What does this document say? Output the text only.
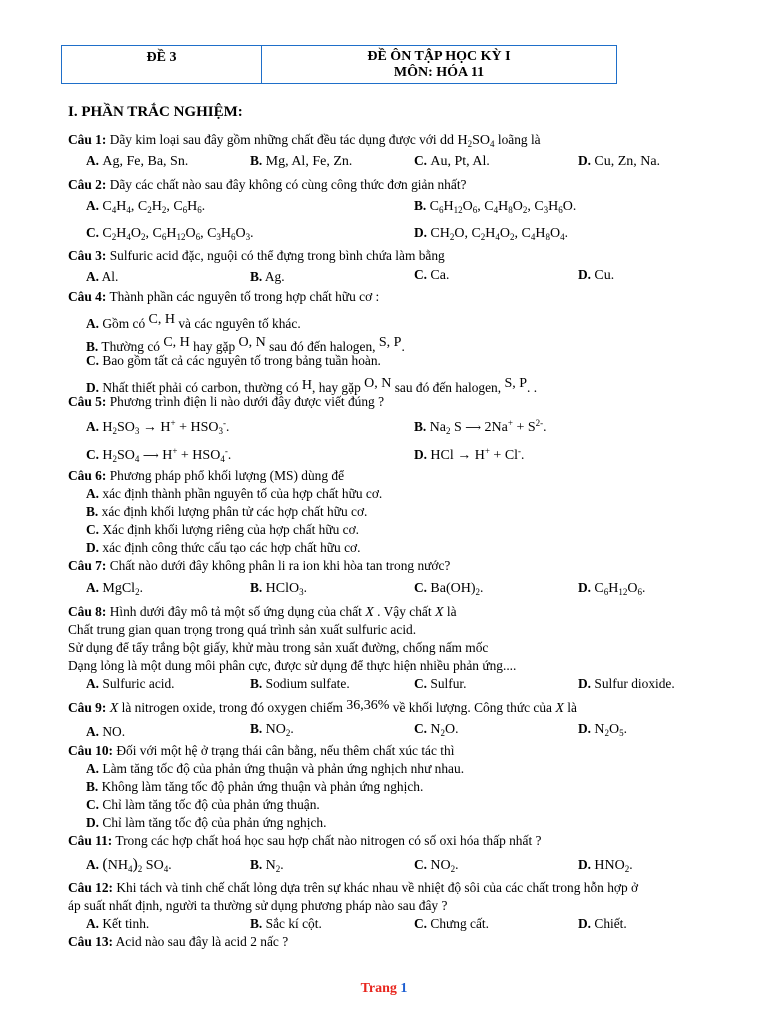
ĐỀ 3	ĐỀ ÔN TẬP HỌC KỲ I
MÔN: HÓA 11
I. PHẦN TRẮC NGHIỆM:
Câu 1: Dãy kim loại sau đây gồm những chất đều tác dụng được với dd $H_2SO_4$ loãng là
A. Ag, Fe, Ba, Sn.	B. Mg, Al, Fe, Zn.	C. Au, Pt, Al.	D. Cu, Zn, Na.
Câu 2: Dãy các chất nào sau đây không có cùng công thức đơn giản nhất?
A. $C_4H_4$, $C_2H_2$, $C_6H_6$.	B. $C_6H_{12}O_6$, $C_4H_8O_2$, $C_3H_6O$.
C. $C_2H_4O_2$, $C_6H_{12}O_6$, $C_3H_6O_3$.	D. $CH_2O$, $C_2H_4O_2$, $C_4H_8O_4$.
Câu 3: Sulfuric acid đặc, nguội có thể đựng trong bình chứa làm bằng
A. Al.	B. Ag.	C. Ca.	D. Cu.
Câu 4: Thành phần các nguyên tố trong hợp chất hữu cơ :
A. Gồm có C, H và các nguyên tố khác.
B. Thường có C, H hay gặp O, N sau đó đến halogen, S, P.
C. Bao gồm tất cả các nguyên tố trong bảng tuần hoàn.
D. Nhất thiết phải có carbon, thường có H, hay gặp O, N sau đó đến halogen, S, P. .
Câu 5: Phương trình điện li nào dưới đây được viết đúng ?
A. $H_2SO_3 \to H^+ + HSO_3^-$.	B. $Na_2$ S ⟶ $2Na^+ + S^{2-}$.
C. $H_2SO_4$ ⟶ $H^+ + HSO_4^-$.	D. HCl → H+ + Cl-.
Câu 6: Phương pháp phổ khối lượng (MS) dùng để
A. xác định thành phần nguyên tố của hợp chất hữu cơ.
B. xác định khối lượng phân tử các hợp chất hữu cơ.
C. Xác định khối lượng riêng của hợp chất hữu cơ.
D. xác định công thức cấu tạo các hợp chất hữu cơ.
Câu 7: Chất nào dưới đây không phân li ra ion khi hòa tan trong nước?
A. MgCl$_2$.	B. HClO$_3$.	C. $Ba(OH)_2$.	D. $C_6H_{12}O_6$.
Câu 8: Hình dưới đây mô tả một số ứng dụng của chất X . Vậy chất X là
Chất trung gian quan trọng trong quá trình sản xuất sulfuric acid.
Sử dụng để tẩy trắng bột giấy, khử màu trong sản xuất đường, chống nấm mốc
Dạng lỏng là một dung môi phân cực, được sử dụng để thực hiện nhiều phản ứng....
A. Sulfuric acid.	B. Sodium sulfate.	C. Sulfur.	D. Sulfur dioxide.
Câu 9: X là nitrogen oxide, trong đó oxygen chiếm 36,36% về khối lượng. Công thức của X là
A. NO.	B. $NO_2$.	C. $N_2O$.	D. $N_2O_5$.
Câu 10: Đối với một hệ ở trạng thái cân bằng, nếu thêm chất xúc tác thì
A. Làm tăng tốc độ của phản ứng thuận và phản ứng nghịch như nhau.
B. Không làm tăng tốc độ phản ứng thuận và phản ứng nghịch.
C. Chỉ làm tăng tốc độ của phản ứng thuận.
D. Chỉ làm tăng tốc độ của phản ứng nghịch.
Câu 11: Trong các hợp chất hoá học sau hợp chất nào nitrogen có số oxi hóa thấp nhất ?
A. $(NH_4)_2$ $SO_4$.	B. $N_2$.	C. $NO_2$.	D. $HNO_2$.
Câu 12: Khi tách và tinh chế chất lỏng dựa trên sự khác nhau về nhiệt độ sôi của các chất trong hỗn hợp ở
áp suất nhất định, người ta thường sử dụng phương pháp nào sau đây ?
A. Kết tinh.	B. Sắc kí cột.	C. Chưng cất.	D. Chiết.
Câu 13: Acid nào sau đây là acid 2 nấc ?
Trang 1
